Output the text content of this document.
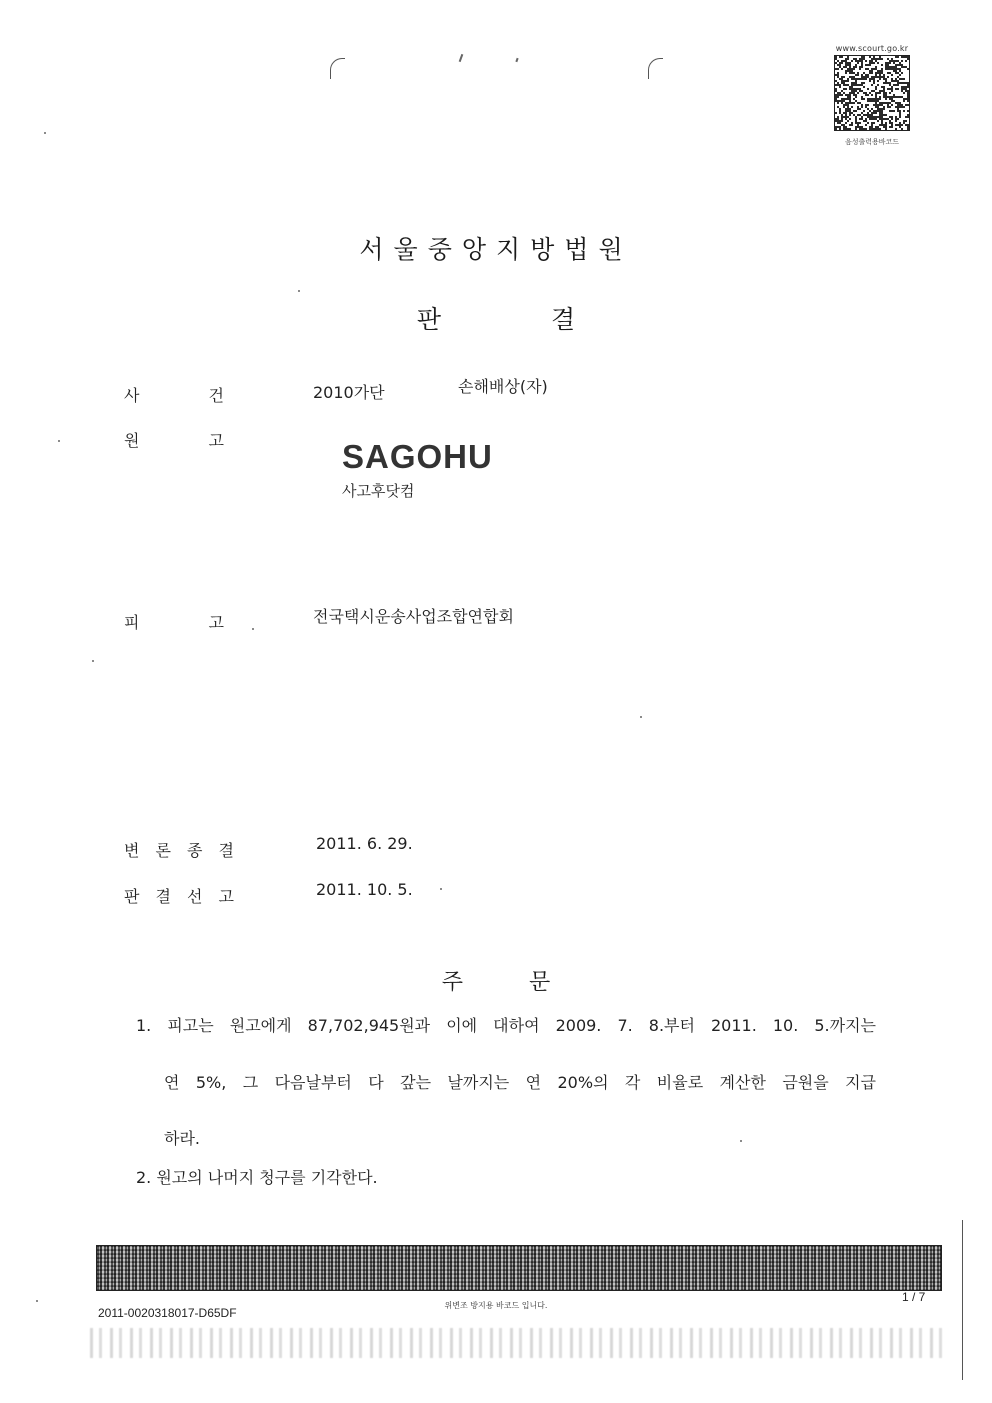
www.scourt.go.kr
음성출력용바코드
서울중앙지방법원
판	결
사	건	2010가단	손해배상(자)
원	고	SAGOHU
사고후닷컴
피	고	전국택시운송사업조합연합회
변 론 종 결	2011. 6. 29.
판 결 선 고	2011. 10. 5.
주	문
1. 피고는 원고에게 87,702,945원과 이에 대하여 2009. 7. 8.부터 2011. 10. 5.까지는
연 5%, 그 다음날부터 다 갚는 날까지는 연 20%의 각 비율로 계산한 금원을 지급
하라.
2. 원고의 나머지 청구를 기각한다.
위변조 방지용 바코드 입니다.
1 / 7
2011-0020318017-D65DF
